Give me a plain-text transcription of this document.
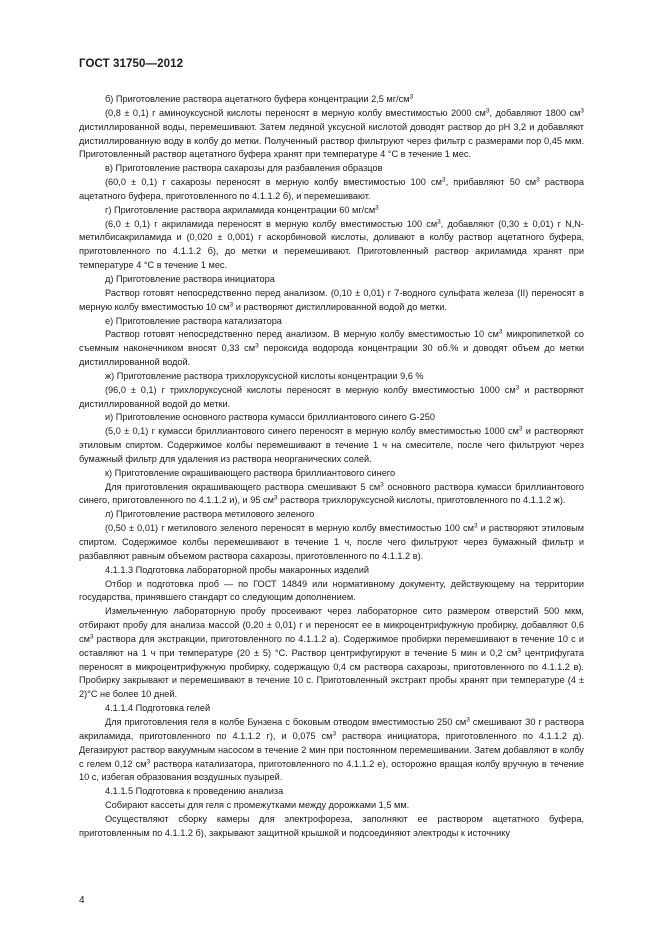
ГОСТ 31750—2012

б) Приготовление раствора ацетатного буфера концентрации 2,5 $мг/см^3$

(0,8 ± 0,1) г аминоуксусной кислоты переносят в мерную колбу вместимостью 2000 $см^3$, добавляют 1800 $см^3$ дистиллированной воды, перемешивают. Затем ледяной уксусной кислотой доводят раствор до pH 3,2 и добавляют дистиллированную воду в колбу до метки. Полученный раствор фильтруют через фильтр с размерами пор 0,45 мкм. Приготовленный раствор ацетатного буфера хранят при температуре 4 °С в течение 1 мес.

в) Приготовление раствора сахарозы для разбавления образцов

(60,0 ± 0,1) г сахарозы переносят в мерную колбу вместимостью 100 $см^3$, прибавляют 50 $см^3$ раствора ацетатного буфера, приготовленного по 4.1.1.2 б), и перемешивают.

г) Приготовление раствора акриламида концентрации 60 $мг/см^3$

(6,0 ± 0,1) г акриламида переносят в мерную колбу вместимостью 100 $см^3$, добавляют (0,30 ± 0,01) г N,N-метилбисакриламида и (0,020 ± 0,001) г аскорбиновой кислоты, доливают в колбу раствор ацетатного буфера, приготовленного по 4.1.1.2 б), до метки и перемешивают. Приготовленный раствор акриламида хранят при температуре 4 °С в течение 1 мес.

д) Приготовление раствора инициатора

Раствор готовят непосредственно перед анализом. (0,10 ± 0,01) г 7-водного сульфата железа (II) переносят в мерную колбу вместимостью 10 $см^3$ и растворяют дистиллированной водой до метки.

е) Приготовление раствора катализатора

Раствор готовят непосредственно перед анализом. В мерную колбу вместимостью 10 $см^3$ микропипеткой со съемным наконечником вносят 0,33 $см^3$ пероксида водорода концентрации 30 об.% и доводят объем до метки дистиллированной водой.

ж) Приготовление раствора трихлоруксусной кислоты концентрации 9,6 %

(96,0 ± 0,1) г трихлоруксусной кислоты переносят в мерную колбу вместимостью 1000 $см^3$ и растворяют дистиллированной водой до метки.

и) Приготовление основного раствора кумасси бриллиантового синего G-250

(5,0 ± 0,1) г кумасси бриллиантового синего переносят в мерную колбу вместимостью 1000 $см^3$ и растворяют этиловым спиртом. Содержимое колбы перемешивают в течение 1 ч на смесителе, после чего фильтруют через бумажный фильтр для удаления из раствора неорганических солей.

к) Приготовление окрашивающего раствора бриллиантового синего

Для приготовления окрашивающего раствора смешивают 5 $см^3$ основного раствора кумасси бриллиантового синего, приготовленного по 4.1.1.2 и), и 95 $см^3$ раствора трихлоруксусной кислоты, приготовленного по 4.1.1.2 ж).

л) Приготовление раствора метилового зеленого

(0,50 ± 0,01) г метилового зеленого переносят в мерную колбу вместимостью 100 $см^3$ и растворяют этиловым спиртом. Содержимое колбы перемешивают в течение 1 ч, после чего фильтруют через бумажный фильтр и разбавляют равным объемом раствора сахарозы, приготовленного по 4.1.1.2 в).

4.1.1.3 Подготовка лабораторной пробы макаронных изделий

Отбор и подготовка проб — по ГОСТ 14849 или нормативному документу, действующему на территории государства, принявшего стандарт со следующим дополнением.

Измельченную лабораторную пробу просеивают через лабораторное сито размером отверстий 500 мкм, отбирают пробу для анализа массой (0,20 ± 0,01) г и переносят ее в микроцентрифужную пробирку, добавляют 0,6 $см^3$ раствора для экстракции, приготовленного по 4.1.1.2 а). Содержимое пробирки перемешивают в течение 10 с и оставляют на 1 ч при температуре (20 ± 5) °С. Раствор центрифугируют в течение 5 мин и 0,2 $см^3$ центрифугата переносят в микроцентрифужную пробирку, содержащую 0,4 см раствора сахарозы, приготовленного по 4.1.1.2 в). Пробирку закрывают и перемешивают в течение 10 с. Приготовленный экстракт пробы хранят при температуре (4 ± 2)°С не более 10 дней.

4.1.1.4 Подготовка гелей

Для приготовления геля в колбе Бунзена с боковым отводом вместимостью 250 $см^3$ смешивают 30 г раствора акриламида, приготовленного по 4.1.1.2 г), и 0,075 $см^3$ раствора инициатора, приготовленного по 4.1.1.2 д). Дегазируют раствор вакуумным насосом в течение 2 мин при постоянном перемешивании. Затем добавляют в колбу с гелем 0,12 $см^3$ раствора катализатора, приготовленного по 4.1.1.2 е), осторожно вращая колбу вручную в течение 10 с, избегая образования воздушных пузырей.

4.1.1.5 Подготовка к проведению анализа

Собирают кассеты для геля с промежутками между дорожками 1,5 мм.

Осуществляют сборку камеры для электрофореза, заполняют ее раствором ацетатного буфера, приготовленным по 4.1.1.2 б), закрывают защитной крышкой и подсоединяют электроды к источнику

4
